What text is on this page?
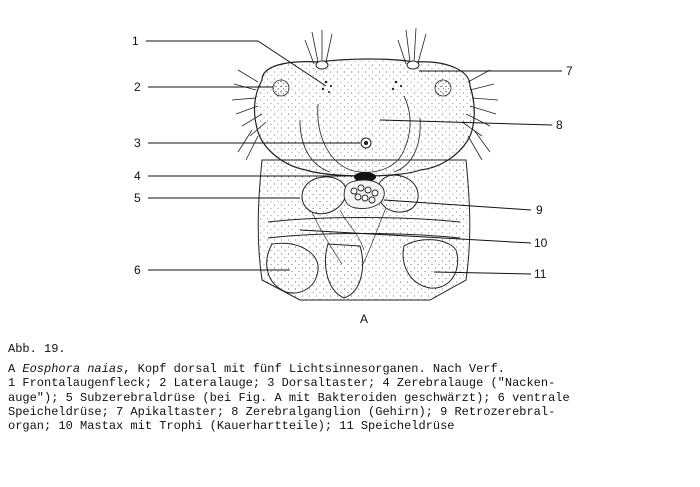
1
2
3
4
5
6
7
8
9
10
11
A
Abb. 19.
A Eosphora naias, Kopf dorsal mit fünf Lichtsinnesorganen. Nach Verf.
1 Frontalaugenfleck; 2 Lateralauge; 3 Dorsaltaster; 4 Zerebralauge ("Nacken-
auge"); 5 Subzerebraldrüse (bei Fig. A mit Bakteroiden geschwärzt); 6 ventrale
Speicheldrüse; 7 Apikaltaster; 8 Zerebralganglion (Gehirn); 9 Retrozerebral-
organ; 10 Mastax mit Trophi (Kauerhartteile); 11 Speicheldrüse
